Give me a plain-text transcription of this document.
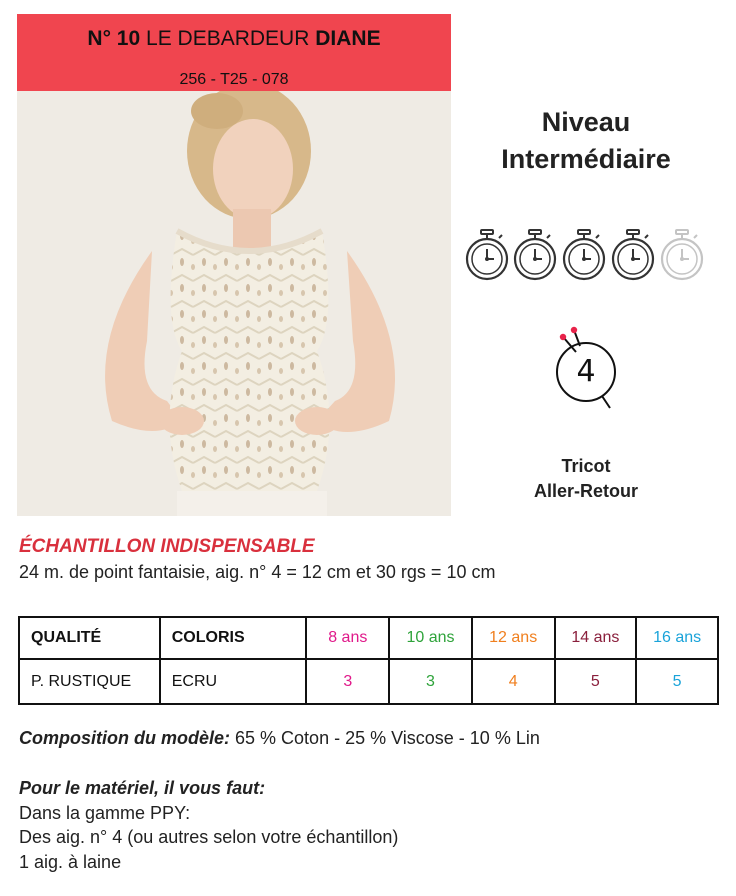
N° 10 LE DEBARDEUR DIANE
256 - T25 - 078
Niveau
Intermédiaire
4
Tricot
Aller-Retour
ÉCHANTILLON INDISPENSABLE
24 m. de point fantaisie, aig. n° 4 = 12 cm et 30 rgs = 10 cm
QUALITÉ	COLORIS	8 ans	10 ans	12 ans	14 ans	16 ans
P. RUSTIQUE	ECRU	3	3	4	5	5
Composition du modèle: 65 % Coton - 25 % Viscose - 10 % Lin
Pour le matériel, il vous faut:
Dans la gamme PPY:
Des aig. n° 4 (ou autres selon votre échantillon)
1 aig. à laine
